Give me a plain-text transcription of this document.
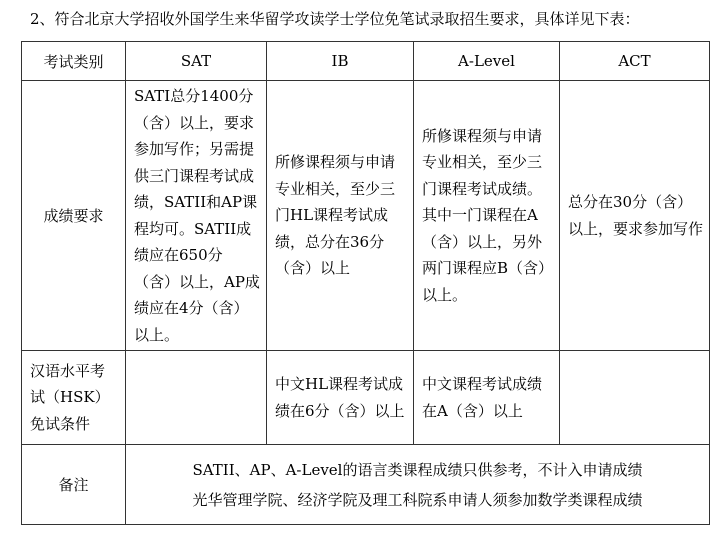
2、符合北京大学招收外国学生来华留学攻读学士学位免笔试录取招生要求，具体详见下表：
考试类别	SAT	IB	A-Level	ACT

成绩要求	SATI总分1400分（含）以上，要求参加写作；另需提供三门课程考试成绩，SATII和AP课程均可。SATII成绩应在650分（含）以上，AP成绩应在4分（含）以上。	所修课程须与申请专业相关，至少三门HL课程考试成绩，总分在36分（含）以上	所修课程须与申请专业相关，至少三门课程考试成绩。其中一门课程在A（含）以上，另外两门课程应B（含）以上。	总分在30分（含）以上，要求参加写作

汉语水平考试（HSK）免试条件		中文HL课程考试成绩在6分（含）以上	中文课程考试成绩在A（含）以上	

备注	SATII、AP、A-Level的语言类课程成绩只供参考，不计入申请成绩
光华管理学院、经济学院及理工科院系申请人须参加数学类课程成绩			
